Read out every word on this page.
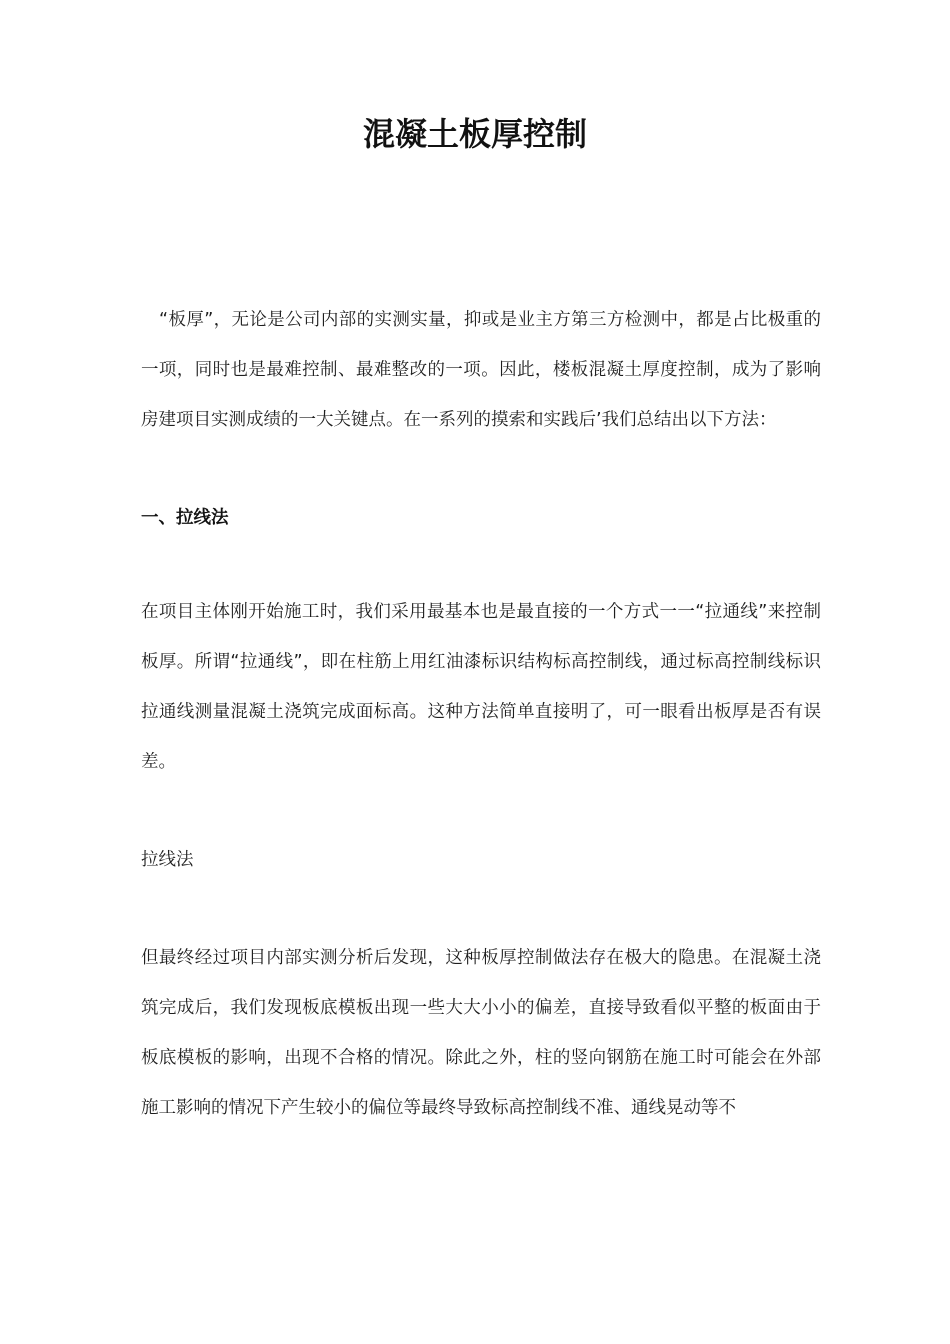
混凝土板厚控制

“板厚”，无论是公司内部的实测实量，抑或是业主方第三方检测中，都是占比极重的一项，同时也是最难控制、最难整改的一项。因此，楼板混凝土厚度控制，成为了影响房建项目实测成绩的一大关键点。在一系列的摸索和实践后’我们总结出以下方法：

一、拉线法

在项目主体刚开始施工时，我们采用最基本也是最直接的一个方式一一“拉通线”来控制板厚。所谓“拉通线”，即在柱筋上用红油漆标识结构标高控制线，通过标高控制线标识拉通线测量混凝土浇筑完成面标高。这种方法简单直接明了，可一眼看出板厚是否有误差。

拉线法

但最终经过项目内部实测分析后发现，这种板厚控制做法存在极大的隐患。在混凝土浇筑完成后，我们发现板底模板出现一些大大小小的偏差，直接导致看似平整的板面由于板底模板的影响，出现不合格的情况。除此之外，柱的竖向钢筋在施工时可能会在外部施工影响的情况下产生较小的偏位等最终导致标高控制线不准、通线晃动等不
